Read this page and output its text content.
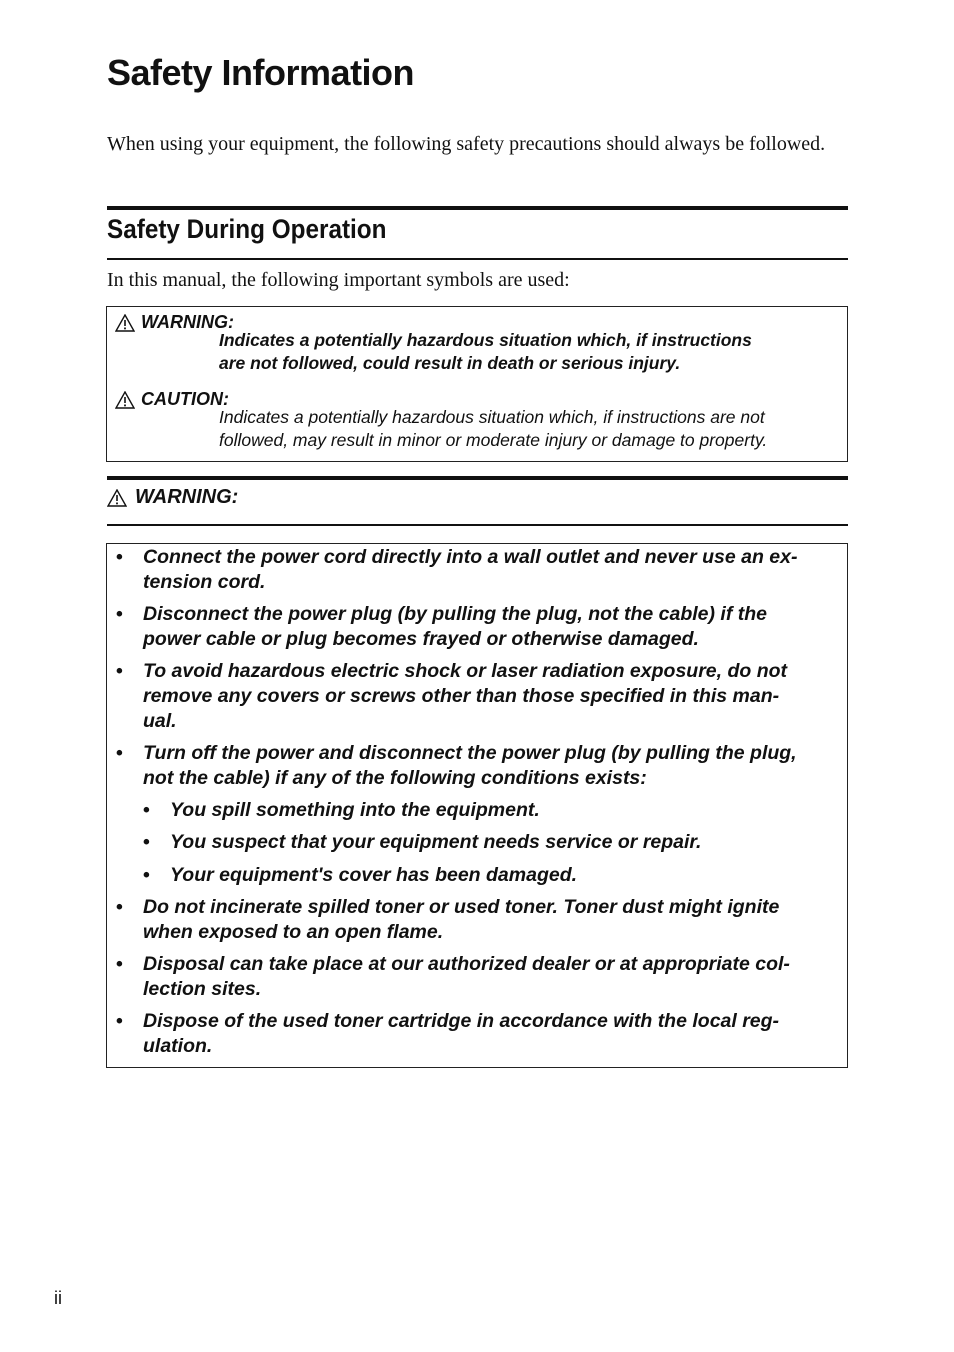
Safety Information

When using your equipment, the following safety precautions should always be followed.

Safety During Operation

In this manual, the following important symbols are used:

WARNING:

Indicates a potentially hazardous situation which, if instructions
are not followed, could result in death or serious injury.

CAUTION:

Indicates a potentially hazardous situation which, if instructions are not
followed, may result in minor or moderate injury or damage to property.

WARNING:
• Connect the power cord directly into a wall outlet and never use an ex-
tension cord.
• Disconnect the power plug (by pulling the plug, not the cable) if the
power cable or plug becomes frayed or otherwise damaged.
• To avoid hazardous electric shock or laser radiation exposure, do not
remove any covers or screws other than those specified in this man-
ual.
• Turn off the power and disconnect the power plug (by pulling the plug,
not the cable) if any of the following conditions exists:
• You spill something into the equipment.
• You suspect that your equipment needs service or repair.
• Your equipment's cover has been damaged.
• Do not incinerate spilled toner or used toner. Toner dust might ignite
when exposed to an open flame.
• Disposal can take place at our authorized dealer or at appropriate col-
lection sites.
• Dispose of the used toner cartridge in accordance with the local reg-
ulation.
ii
